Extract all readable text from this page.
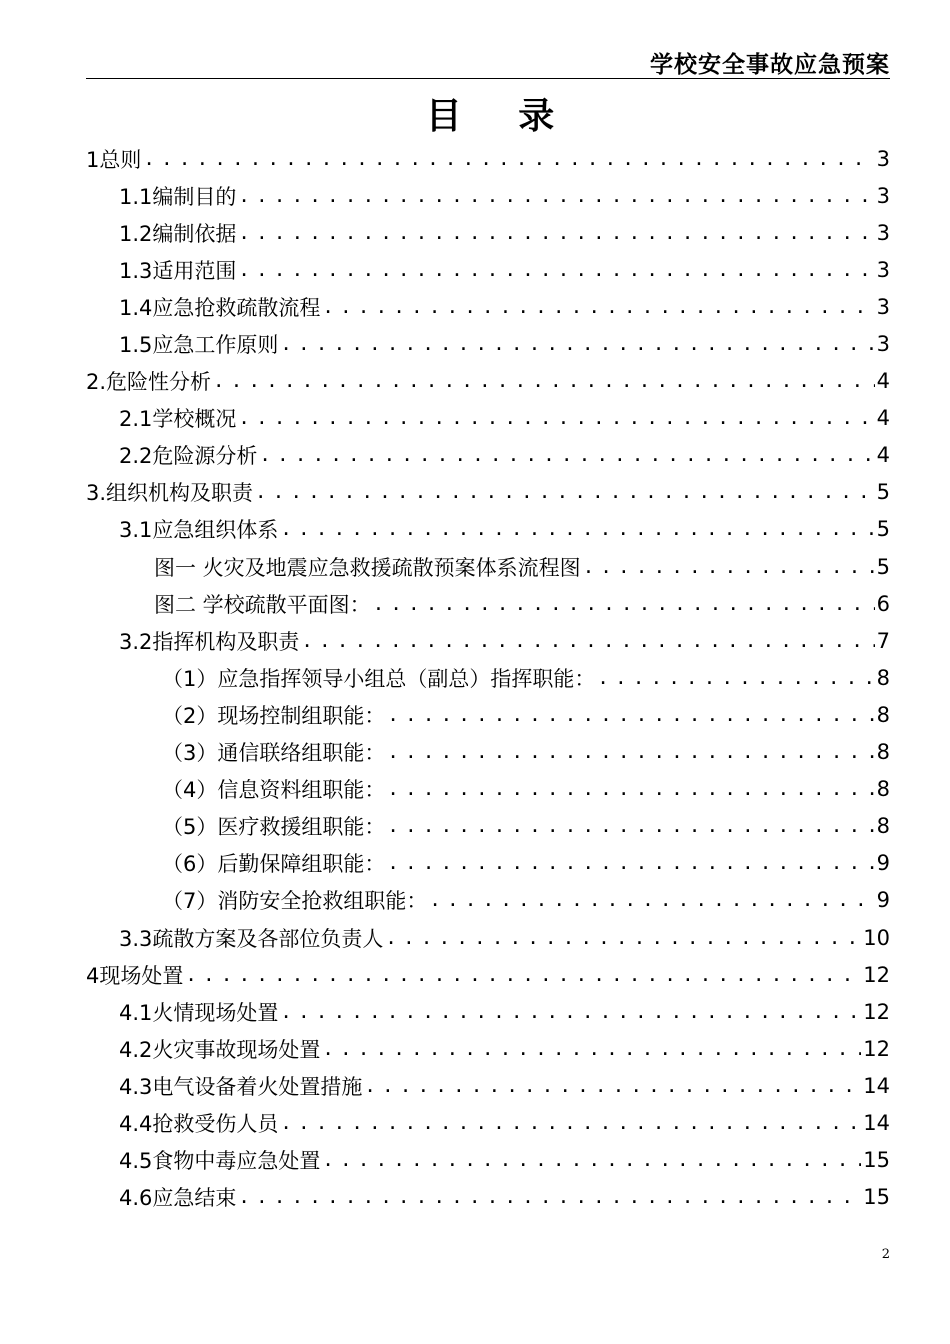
学校安全事故应急预案
目 录
1总则 .....	3
1.1编制目的 .....	3
1.2编制依据 .....	3
1.3适用范围 .....	3
1.4应急抢救疏散流程 .....	3
1.5应急工作原则 .....	3
2.危险性分析 .....	4
2.1学校概况 .....	4
2.2危险源分析 .....	4
3.组织机构及职责 .....	5
3.1应急组织体系 .....	5
图一 火灾及地震应急救援疏散预案体系流程图 .....	5
图二 学校疏散平面图： .....	6
3.2指挥机构及职责 .....	7
（1）应急指挥领导小组总（副总）指挥职能： .....	8
（2）现场控制组职能： .....	8
（3）通信联络组职能： .....	8
（4）信息资料组职能： .....	8
（5）医疗救援组职能： .....	8
（6）后勤保障组职能： .....	9
（7）消防安全抢救组职能： .....	9
3.3疏散方案及各部位负责人 .....	10
4现场处置 .....	12
4.1火情现场处置 .....	12
4.2火灾事故现场处置 .....	12
4.3电气设备着火处置措施 .....	14
4.4抢救受伤人员 .....	14
4.5食物中毒应急处置 .....	15
4.6应急结束 .....	15
2
